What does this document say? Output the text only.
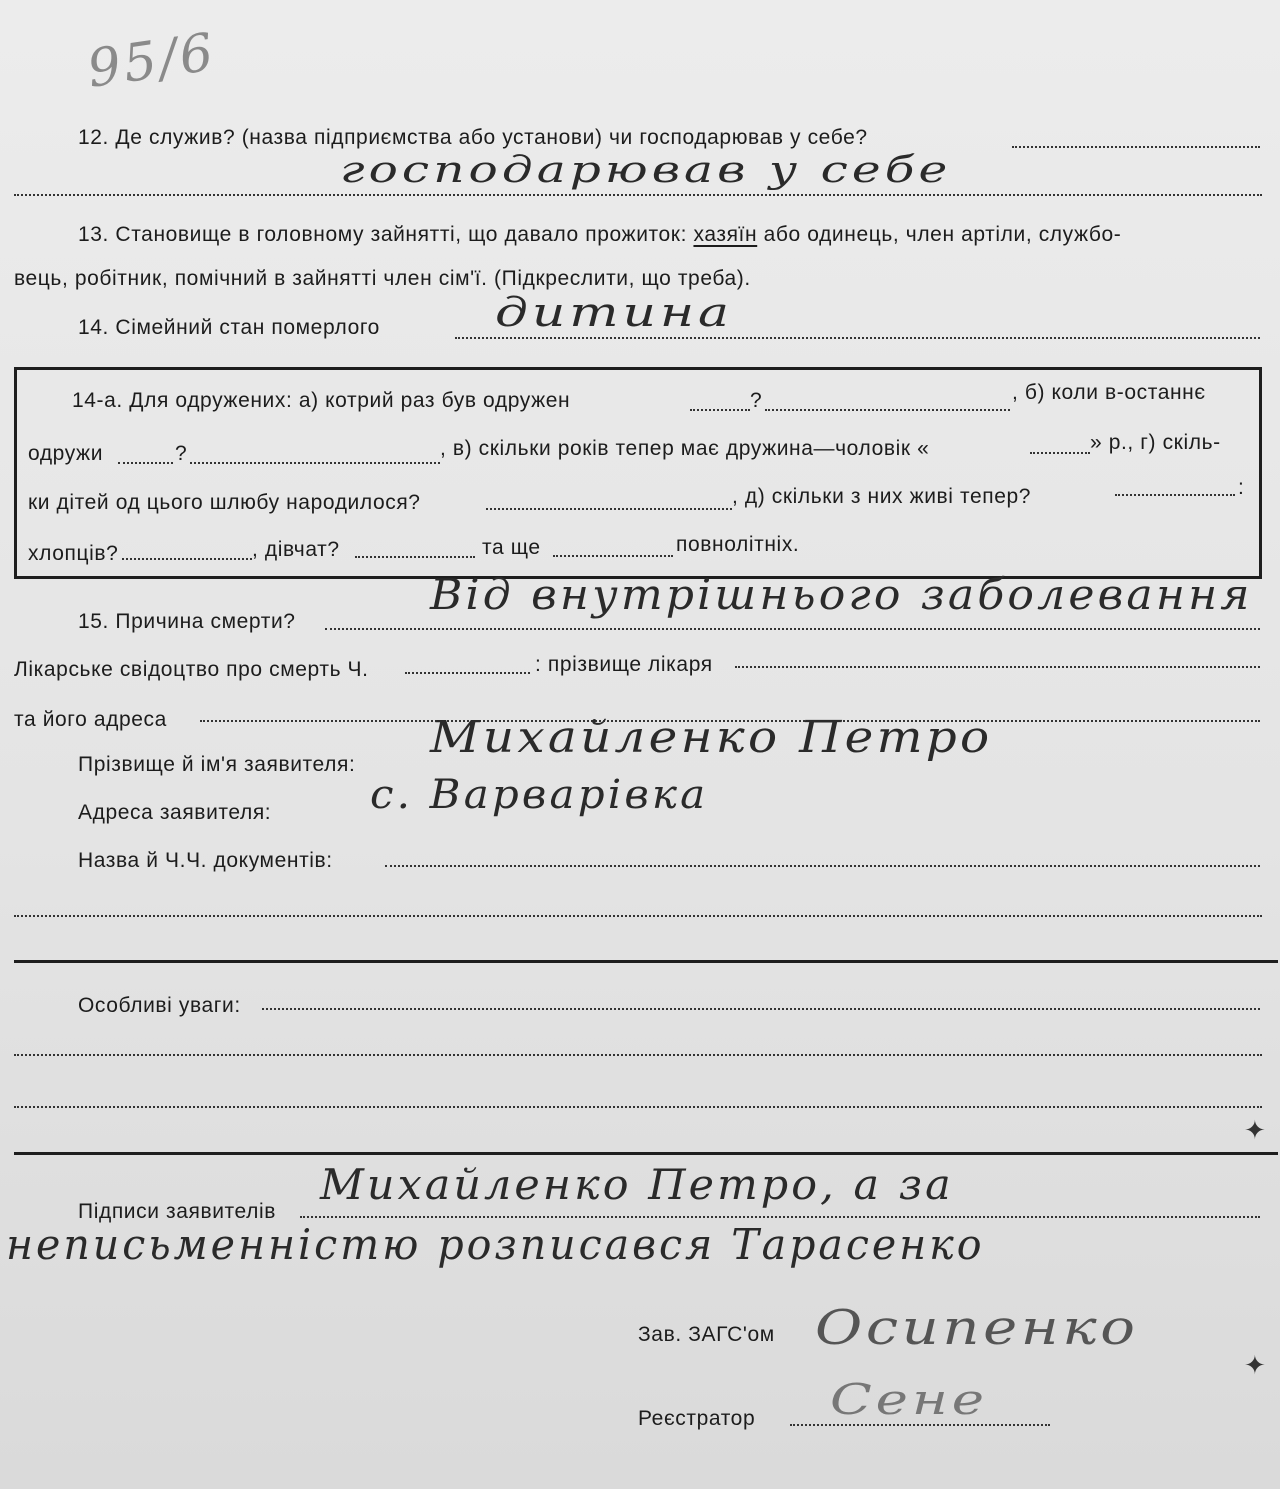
95/6
12. Де служив? (назва підприємства або установи) чи господарював у себе?
господарював у себе
13. Становище в головному зайнятті, що давало прожиток: хазяїн або одинець, член артіли, службо-
вець, робітник, помічний в зайнятті член сім'ї. (Підкреслити, що треба).
14. Сімейний стан померлого	дитина
14-а. Для одружених: а) котрий раз був одружен	?	, б) коли в-останнє
одружи	?	, в) скільки років тепер має дружина—чоловік «	» р., г) скіль-
ки дітей од цього шлюбу народилося?	, д) скільки з них живі тепер?	:
хлопців?	, дівчат?	та ще	повнолітніх.
15. Причина смерти?
Від внутрішнього заболевання
Лікарське свідоцтво про смерть Ч.	: прізвище лікаря
та його адреса
Прізвище й ім'я заявителя:
Михайленко Петро
Адреса заявителя: с. Варварівка
Назва й Ч.Ч. документів:
Особливі уваги:
Підписи заявителів
Михайленко Петро, а за
неписьменністю розписався Тарасенко
Зав. ЗАГС'ом Осипенко
Реєстратор Сене
✦
✦
